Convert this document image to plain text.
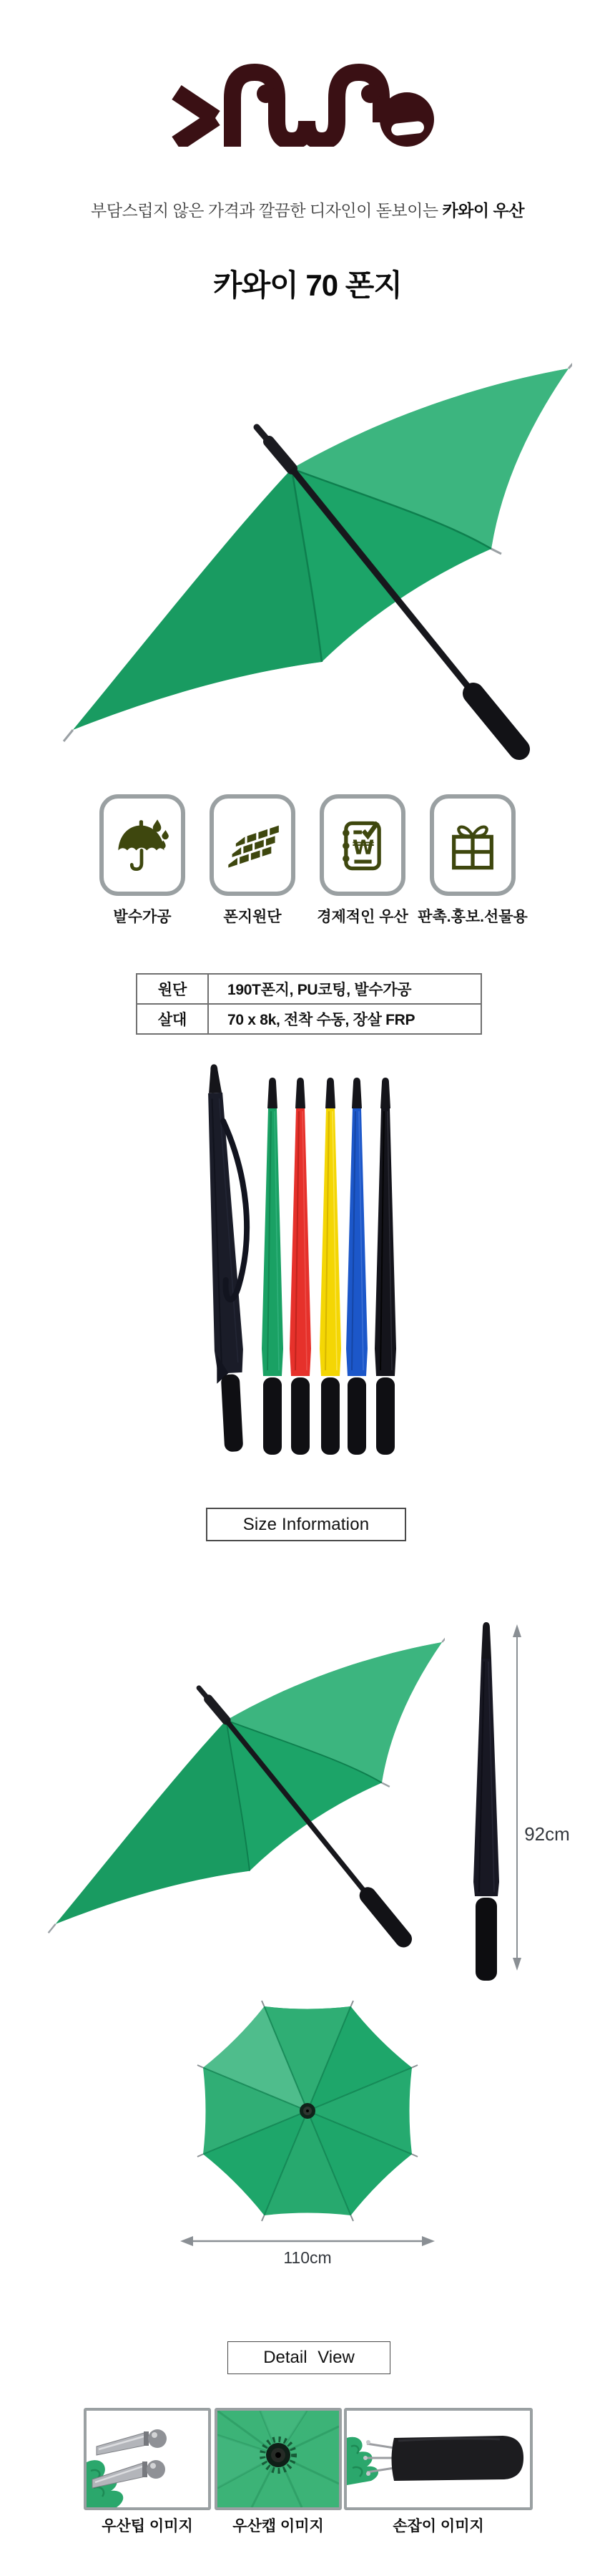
부담스럽지 않은 가격과 깔끔한 디자인이 돋보이는 카와이 우산
카와이 70 폰지
발수가공	폰지원단
₩
경제적인 우산 판촉.홍보.선물용
원단	190T폰지, PU코팅, 발수가공
살대	70 x 8k, 전착 수동, 장살 FRP
Size Information
92cm
110cm
Detail View
우산팁 이미지	우산캡 이미지	손잡이 이미지
